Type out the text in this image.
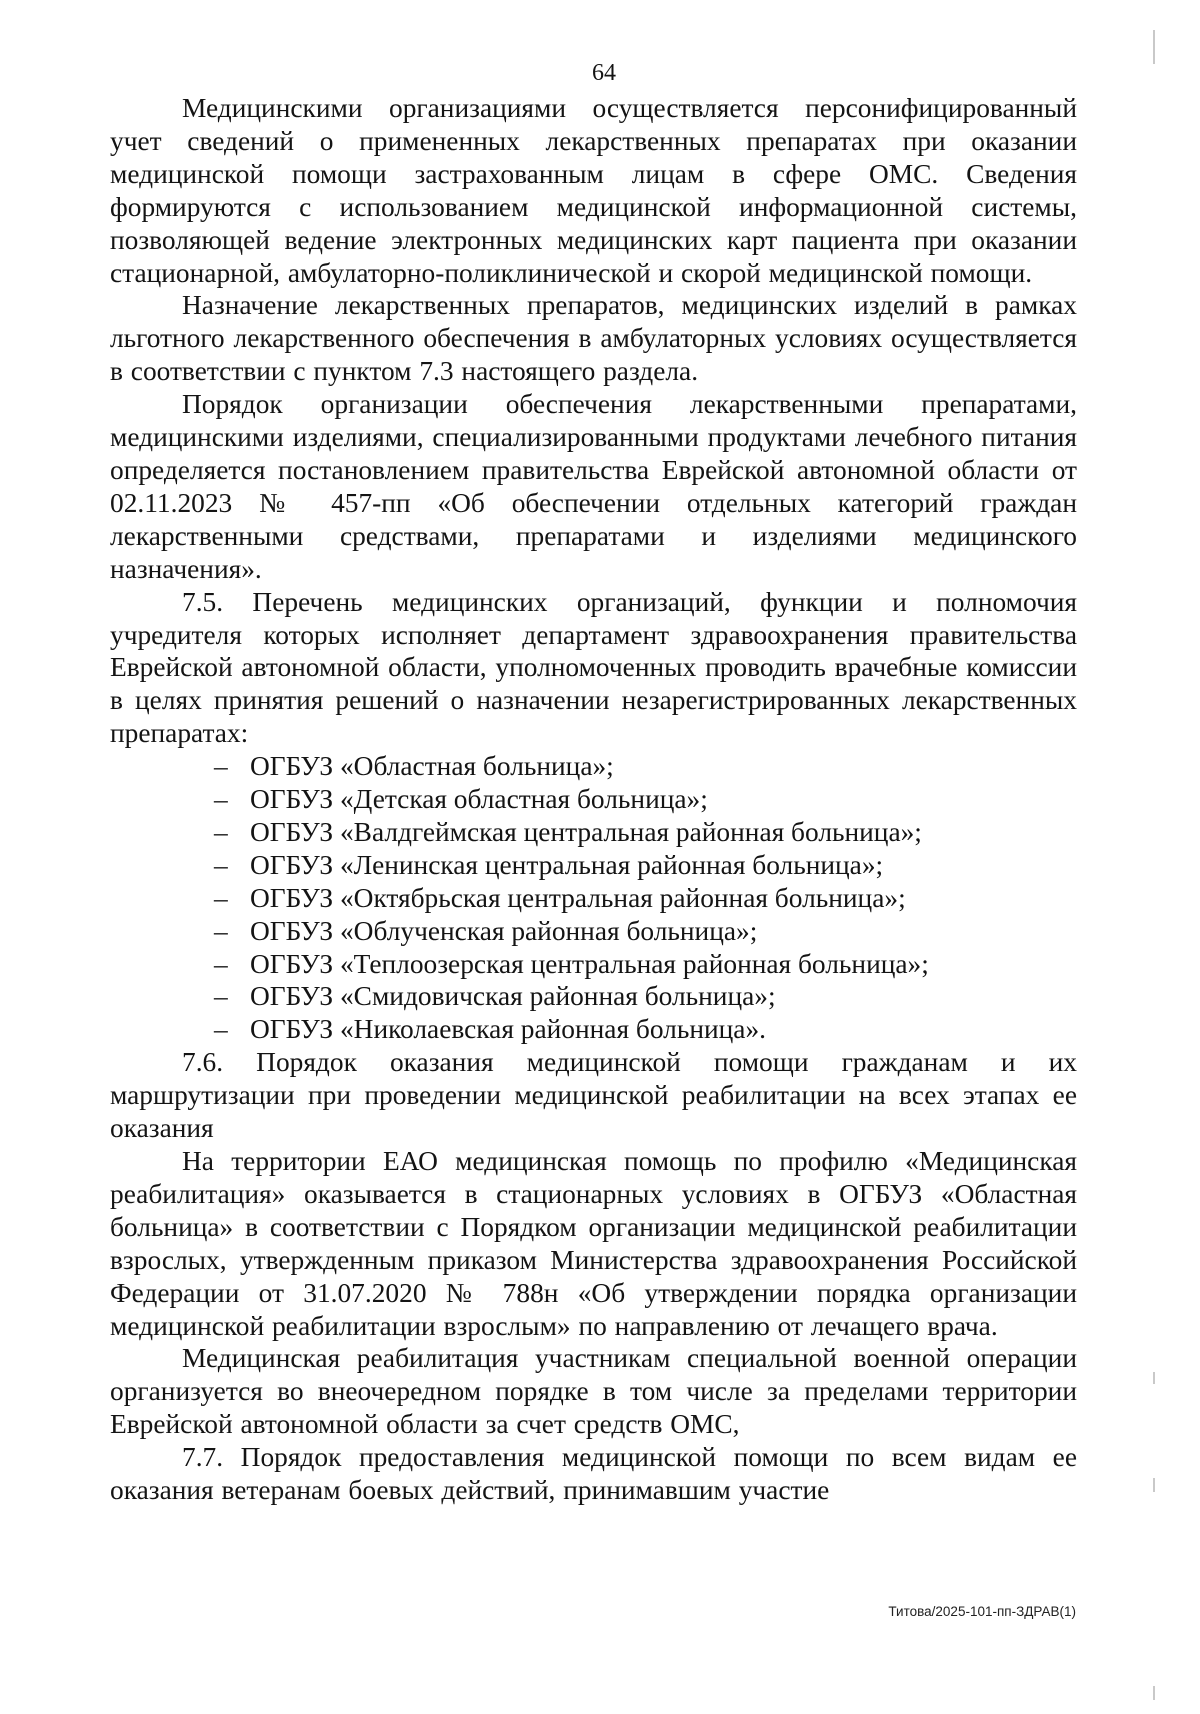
64

Медицинскими организациями осуществляется персонифицированный учет сведений о примененных лекарственных препаратах при оказании медицинской помощи застрахованным лицам в сфере ОМС. Сведения формируются с использованием медицинской информационной системы, позволяющей ведение электронных медицинских карт пациента при оказании стационарной, амбулаторно-поликлинической и скорой медицинской помощи.

Назначение лекарственных препаратов, медицинских изделий в рамках льготного лекарственного обеспечения в амбулаторных условиях осуществляется в соответствии с пунктом 7.3 настоящего раздела.

Порядок организации обеспечения лекарственными препаратами, медицинскими изделиями, специализированными продуктами лечебного питания определяется постановлением правительства Еврейской автономной области от 02.11.2023 № 457-пп «Об обеспечении отдельных категорий граждан лекарственными средствами, препаратами и изделиями медицинского назначения».

7.5. Перечень медицинских организаций, функции и полномочия учредителя которых исполняет департамент здравоохранения правительства Еврейской автономной области, уполномоченных проводить врачебные комиссии в целях принятия решений о назначении незарегистрированных лекарственных препаратах:

– ОГБУЗ «Областная больница»;
– ОГБУЗ «Детская областная больница»;
– ОГБУЗ «Валдгеймская центральная районная больница»;
– ОГБУЗ «Ленинская центральная районная больница»;
– ОГБУЗ «Октябрьская центральная районная больница»;
– ОГБУЗ «Облученская районная больница»;
– ОГБУЗ «Теплоозерская центральная районная больница»;
– ОГБУЗ «Смидовичская районная больница»;
– ОГБУЗ «Николаевская районная больница».

7.6. Порядок оказания медицинской помощи гражданам и их маршрутизации при проведении медицинской реабилитации на всех этапах ее оказания

На территории ЕАО медицинская помощь по профилю «Медицинская реабилитация» оказывается в стационарных условиях в ОГБУЗ «Областная больница» в соответствии с Порядком организации медицинской реабилитации взрослых, утвержденным приказом Министерства здравоохранения Российской Федерации от 31.07.2020 № 788н «Об утверждении порядка организации медицинской реабилитации взрослым» по направлению от лечащего врача.

Медицинская реабилитация участникам специальной военной операции организуется во внеочередном порядке в том числе за пределами территории Еврейской автономной области за счет средств ОМС,

7.7. Порядок предоставления медицинской помощи по всем видам ее оказания ветеранам боевых действий, принимавшим участие

Титова/2025-101-пп-ЗДРАВ(1)
